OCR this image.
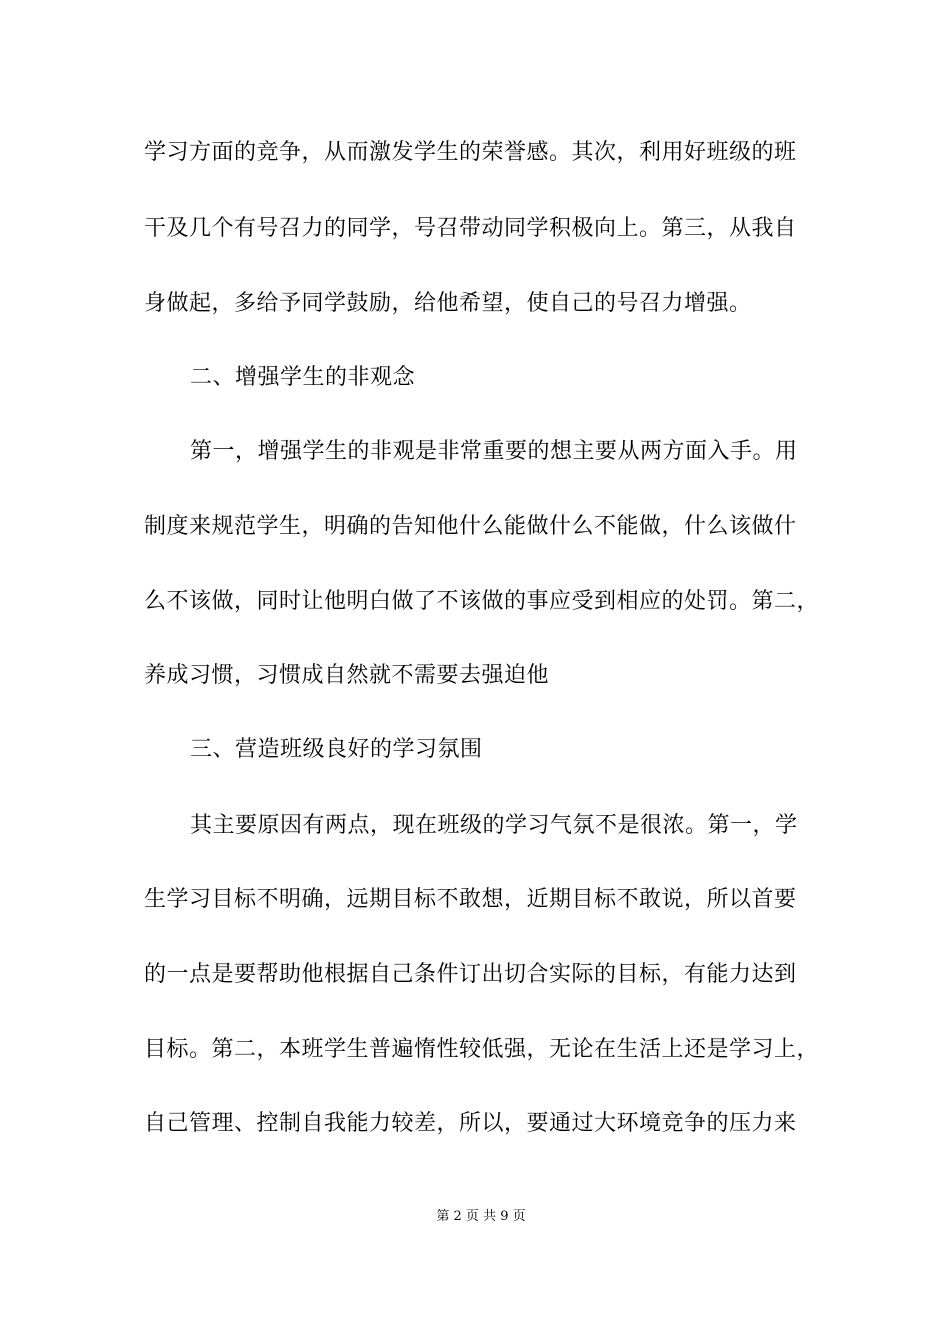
学习方面的竞争，从而激发学生的荣誉感。其次，利用好班级的班
干及几个有号召力的同学，号召带动同学积极向上。第三，从我自
身做起，多给予同学鼓励，给他希望，使自己的号召力增强。
二、增强学生的非观念
第一，增强学生的非观是非常重要的想主要从两方面入手。用
制度来规范学生，明确的告知他什么能做什么不能做，什么该做什
么不该做，同时让他明白做了不该做的事应受到相应的处罚。第二，
养成习惯，习惯成自然就不需要去强迫他
三、营造班级良好的学习氛围
其主要原因有两点，现在班级的学习气氛不是很浓。第一，学
生学习目标不明确，远期目标不敢想，近期目标不敢说，所以首要
的一点是要帮助他根据自己条件订出切合实际的目标，有能力达到
目标。第二，本班学生普遍惰性较低强，无论在生活上还是学习上，
自己管理、控制自我能力较差，所以，要通过大环境竞争的压力来
第 2 页 共 9 页
